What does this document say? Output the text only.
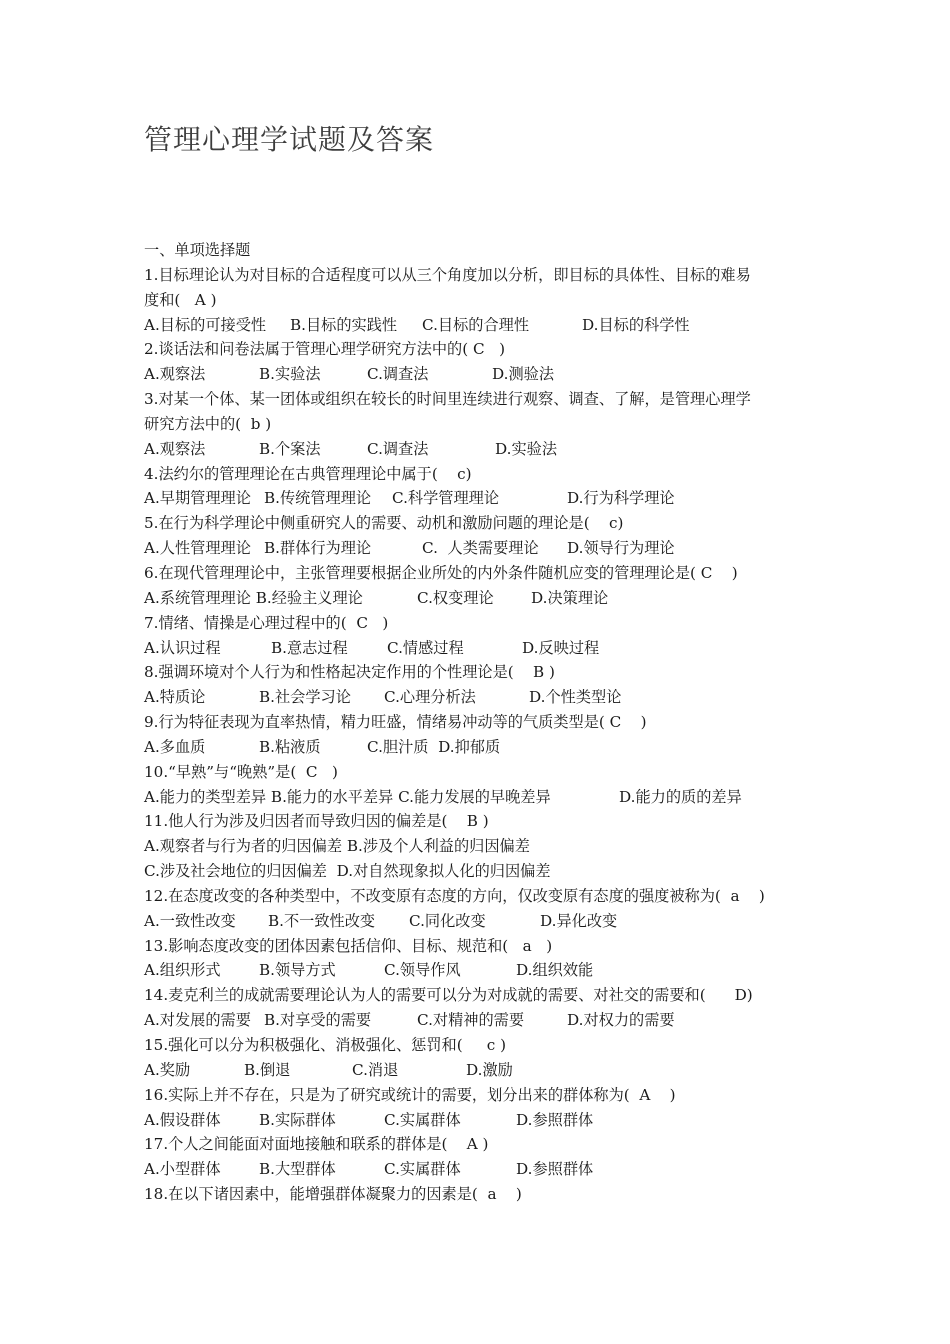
管理心理学试题及答案
一、单项选择题
1.目标理论认为对目标的合适程度可以从三个角度加以分析，即目标的具体性、目标的难易
度和(   A )
A.目标的可接受性 B.目标的实践性 C.目标的合理性	D.目标的科学性
2.谈话法和问卷法属于管理心理学研究方法中的( C   )
A.观察法	B.实验法	C.调查法	D.测验法
3.对某一个体、某一团体或组织在较长的时间里连续进行观察、调查、了解，是管理心理学
研究方法中的(  b )
A.观察法	B.个案法	C.调查法	D.实验法
4.法约尔的管理理论在古典管理理论中属于(    c)
A.早期管理理论 B.传统管理理论 C.科学管理理论	D.行为科学理论
5.在行为科学理论中侧重研究人的需要、动机和激励问题的理论是(    c)
A.人性管理理论 B.群体行为理论	C.  人类需要理论 D.领导行为理论
6.在现代管理理论中，主张管理要根据企业所处的内外条件随机应变的管理理论是( C    )
A.系统管理理论 B.经验主义理论	C.权变理论 D.决策理论
7.情绪、情操是心理过程中的(  C   )
A.认识过程	B.意志过程	C.情感过程	D.反映过程
8.强调环境对个人行为和性格起决定作用的个性理论是(    B )
A.特质论	B.社会学习论 C.心理分析法	D.个性类型论
9.行为特征表现为直率热情，精力旺盛，情绪易冲动等的气质类型是( C    )
A.多血质	B.粘液质	C.胆汁质  D.抑郁质
10.“早熟”与“晚熟”是(  C   )
A.能力的类型差异 B.能力的水平差异 C.能力发展的早晚差异	D.能力的质的差异
11.他人行为涉及归因者而导致归因的偏差是(    B )
A.观察者与行为者的归因偏差 B.涉及个人利益的归因偏差
C.涉及社会地位的归因偏差  D.对自然现象拟人化的归因偏差
12.在态度改变的各种类型中，不改变原有态度的方向，仅改变原有态度的强度被称为(  a    )
A.一致性改变 B.不一致性改变 C.同化改变	D.异化改变
13.影响态度改变的团体因素包括信仰、目标、规范和(   a   )
A.组织形式	B.领导方式	C.领导作风	D.组织效能
14.麦克利兰的成就需要理论认为人的需要可以分为对成就的需要、对社交的需要和(      D)
A.对发展的需要 B.对享受的需要	C.对精神的需要	D.对权力的需要
15.强化可以分为积极强化、消极强化、惩罚和(     c )
A.奖励	B.倒退	C.消退	D.激励
16.实际上并不存在，只是为了研究或统计的需要，划分出来的群体称为(  A    )
A.假设群体	B.实际群体	C.实属群体	D.参照群体
17.个人之间能面对面地接触和联系的群体是(    A )
A.小型群体	B.大型群体	C.实属群体	D.参照群体
18.在以下诸因素中，能增强群体凝聚力的因素是(  a    )
